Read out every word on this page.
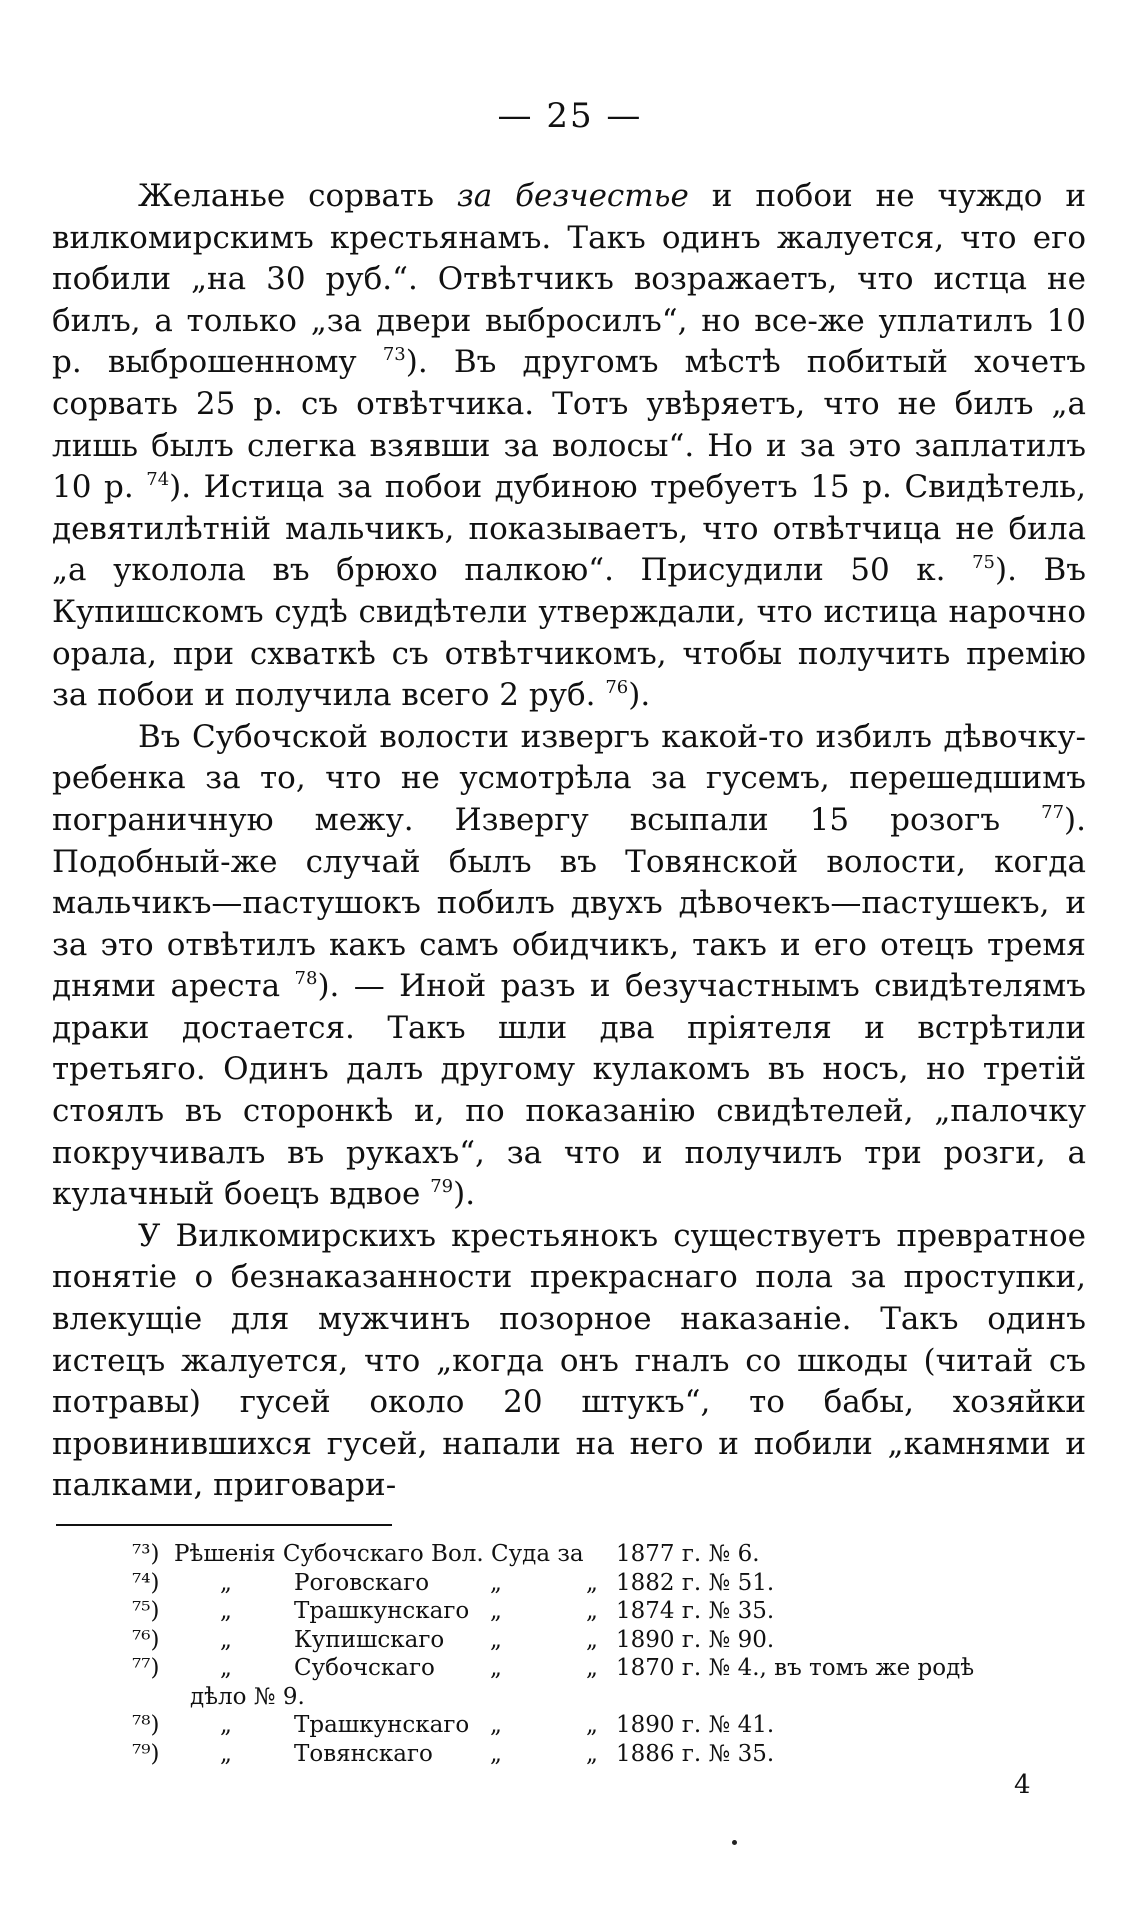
— 25 —

Желанье сорвать за безчестье и побои не чуждо и вилкомирскимъ крестьянамъ. Такъ одинъ жалуется, что его побили „на 30 руб.“. Отвѣтчикъ возражаетъ, что истца не билъ, а только „за двери выбросилъ“, но все-же уплатилъ 10 р. выброшенному $^{73}$). Въ другомъ мѣстѣ побитый хочетъ сорвать 25 р. съ отвѣтчика. Тотъ увѣряетъ, что не билъ „а лишь былъ слегка взявши за волосы“. Но и за это заплатилъ 10 р. $^{74}$). Истица за побои дубиною требуетъ 15 р. Свидѣтель, девятилѣтній мальчикъ, показываетъ, что отвѣтчица не била „а уколола въ брюхо палкою“. Присудили 50 к. $^{75}$). Въ Купишскомъ судѣ свидѣтели утверждали, что истица нарочно орала, при схваткѣ съ отвѣтчикомъ, чтобы получить премію за побои и получила всего 2 руб. $^{76}$).

Въ Субочской волости извергъ какой-то избилъ дѣвочку-ребенка за то, что не усмотрѣла за гусемъ, перешедшимъ пограничную межу. Извергу всыпали 15 розогъ $^{77}$). Подобный-же случай былъ въ Товянской волости, когда мальчикъ—пастушокъ побилъ двухъ дѣвочекъ—пастушекъ, и за это отвѣтилъ какъ самъ обидчикъ, такъ и его отецъ тремя днями ареста $^{78}$). — Иной разъ и безучастнымъ свидѣтелямъ драки достается. Такъ шли два пріятеля и встрѣтили третьяго. Одинъ далъ другому кулакомъ въ носъ, но третій стоялъ въ сторонкѣ и, по показанію свидѣтелей, „палочку покручивалъ въ рукахъ“, за что и получилъ три розги, а кулачный боецъ вдвое $^{79}$).

У Вилкомирскихъ крестьянокъ существуетъ превратное понятіе о безнаказанности прекраснаго пола за проступки, влекущіе для мужчинъ позорное наказаніе. Такъ одинъ истецъ жалуется, что „когда онъ гналъ со шкоды (читай съ потравы) гусей около 20 штукъ“, то бабы, хозяйки провинившихся гусей, напали на него и побили „камнями и палками, приговари-

⁷³) Рѣшенія Субочскаго Вол. Суда за 1877 г. № 6.
⁷⁴)	„	Роговскаго	„	„ 1882 г. № 51.
⁷⁵)	„	Трашкунскаго „	„ 1874 г. № 35.
⁷⁶)	„	Купишскаго „	„ 1890 г. № 90.
⁷⁷)	„	Субочскаго „	„ 1870 г. № 4., въ томъ же родѣ
дѣло № 9.
⁷⁸)	„	Трашкунскаго „	„ 1890 г. № 41.
⁷⁹)	„	Товянскаго „	„ 1886 г. № 35.
4
